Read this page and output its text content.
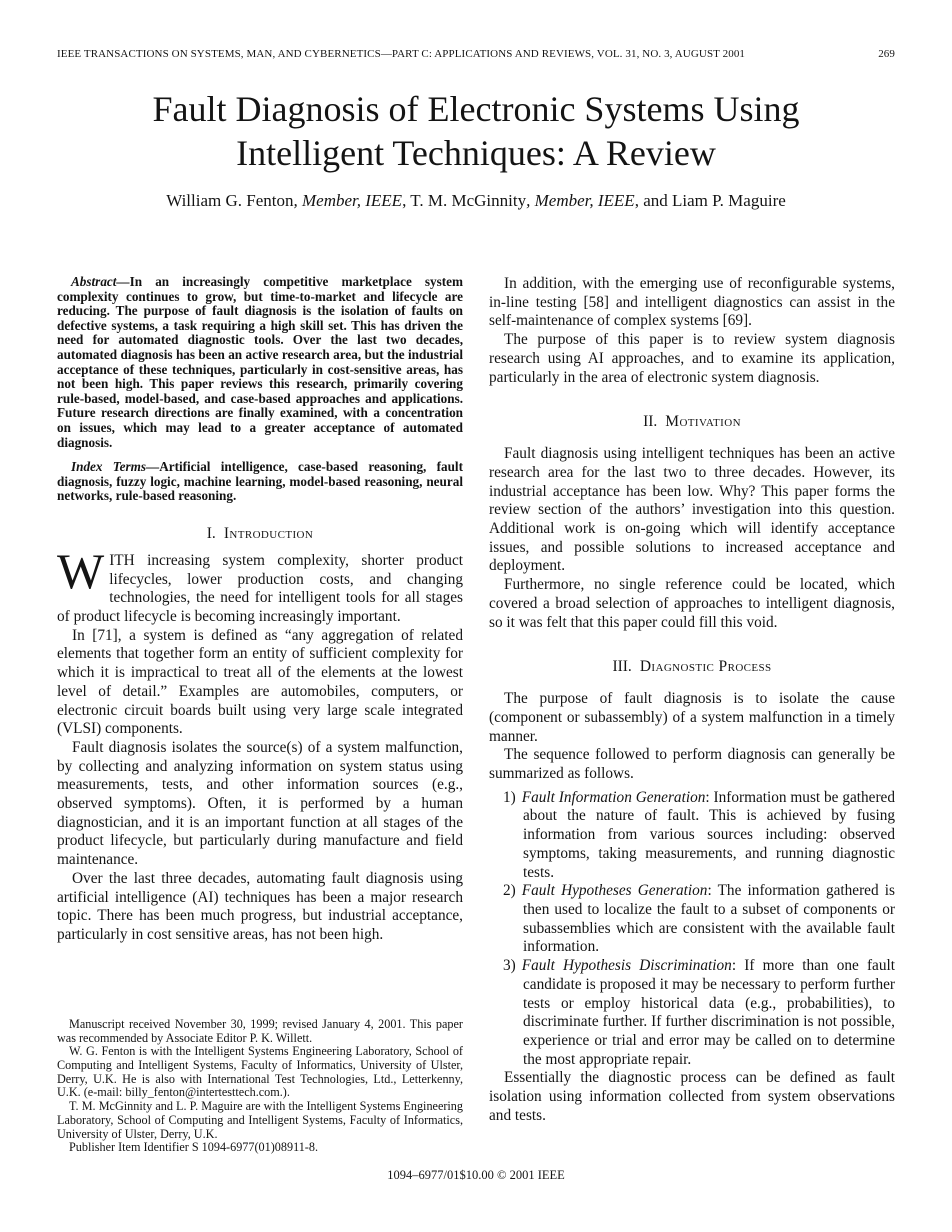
IEEE TRANSACTIONS ON SYSTEMS, MAN, AND CYBERNETICS—PART C: APPLICATIONS AND REVIEWS, VOL. 31, NO. 3, AUGUST 2001	269
Fault Diagnosis of Electronic Systems Using Intelligent Techniques: A Review
William G. Fenton, Member, IEEE, T. M. McGinnity, Member, IEEE, and Liam P. Maguire

Abstract—In an increasingly competitive marketplace system complexity continues to grow, but time-to-market and lifecycle are reducing. The purpose of fault diagnosis is the isolation of faults on defective systems, a task requiring a high skill set. This has driven the need for automated diagnostic tools. Over the last two decades, automated diagnosis has been an active research area, but the industrial acceptance of these techniques, particularly in cost-sensitive areas, has not been high. This paper reviews this research, primarily covering rule-based, model-based, and case-based approaches and applications. Future research directions are finally examined, with a concentration on issues, which may lead to a greater acceptance of automated diagnosis.

Index Terms—Artificial intelligence, case-based reasoning, fault diagnosis, fuzzy logic, machine learning, model-based reasoning, neural networks, rule-based reasoning.

I. Introduction

WITH increasing system complexity, shorter product lifecycles, lower production costs, and changing technologies, the need for intelligent tools for all stages of product lifecycle is becoming increasingly important.

In [71], a system is defined as “any aggregation of related elements that together form an entity of sufficient complexity for which it is impractical to treat all of the elements at the lowest level of detail.” Examples are automobiles, computers, or electronic circuit boards built using very large scale integrated (VLSI) components.

Fault diagnosis isolates the source(s) of a system malfunction, by collecting and analyzing information on system status using measurements, tests, and other information sources (e.g., observed symptoms). Often, it is performed by a human diagnostician, and it is an important function at all stages of the product lifecycle, but particularly during manufacture and field maintenance.

Over the last three decades, automating fault diagnosis using artificial intelligence (AI) techniques has been a major research topic. There has been much progress, but industrial acceptance, particularly in cost sensitive areas, has not been high.

Manuscript received November 30, 1999; revised January 4, 2001. This paper was recommended by Associate Editor P. K. Willett.

W. G. Fenton is with the Intelligent Systems Engineering Laboratory, School of Computing and Intelligent Systems, Faculty of Informatics, University of Ulster, Derry, U.K. He is also with International Test Technologies, Ltd., Letterkenny, U.K. (e-mail: billy_fenton@intertesttech.com.).

T. M. McGinnity and L. P. Maguire are with the Intelligent Systems Engineering Laboratory, School of Computing and Intelligent Systems, Faculty of Informatics, University of Ulster, Derry, U.K.

Publisher Item Identifier S 1094-6977(01)08911-8.

In addition, with the emerging use of reconfigurable systems, in-line testing [58] and intelligent diagnostics can assist in the self-maintenance of complex systems [69].

The purpose of this paper is to review system diagnosis research using AI approaches, and to examine its application, particularly in the area of electronic system diagnosis.

II. Motivation

Fault diagnosis using intelligent techniques has been an active research area for the last two to three decades. However, its industrial acceptance has been low. Why? This paper forms the review section of the authors’ investigation into this question. Additional work is on-going which will identify acceptance issues, and possible solutions to increased acceptance and deployment.

Furthermore, no single reference could be located, which covered a broad selection of approaches to intelligent diagnosis, so it was felt that this paper could fill this void.

III. Diagnostic Process

The purpose of fault diagnosis is to isolate the cause (component or subassembly) of a system malfunction in a timely manner.

The sequence followed to perform diagnosis can generally be summarized as follows.

1) Fault Information Generation: Information must be gathered about the nature of fault. This is achieved by fusing information from various sources including: observed symptoms, taking measurements, and running diagnostic tests.

2) Fault Hypotheses Generation: The information gathered is then used to localize the fault to a subset of components or subassemblies which are consistent with the available fault information.

3) Fault Hypothesis Discrimination: If more than one fault candidate is proposed it may be necessary to perform further tests or employ historical data (e.g., probabilities), to discriminate further. If further discrimination is not possible, experience or trial and error may be called on to determine the most appropriate repair.

Essentially the diagnostic process can be defined as fault isolation using information collected from system observations and tests.

1094–6977/01$10.00 © 2001 IEEE
